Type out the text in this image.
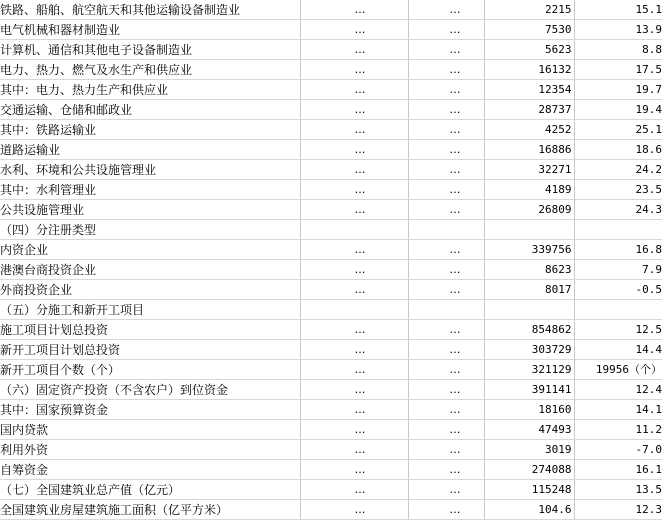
铁路、船舶、航空航天和其他运输设备制造业	…	…	2215	15.1
电气机械和器材制造业	…	…	7530	13.9
计算机、通信和其他电子设备制造业	…	…	5623	8.8
电力、热力、燃气及水生产和供应业	…	…	16132	17.5
其中：电力、热力生产和供应业	…	…	12354	19.7
交通运输、仓储和邮政业	…	…	28737	19.4
其中：铁路运输业	…	…	4252	25.1
道路运输业	…	…	16886	18.6
水利、环境和公共设施管理业	…	…	32271	24.2
其中：水利管理业	…	…	4189	23.5
公共设施管理业	…	…	26809	24.3
（四）分注册类型				
内资企业	…	…	339756	16.8
港澳台商投资企业	…	…	8623	7.9
外商投资企业	…	…	8017	-0.5
（五）分施工和新开工项目				
施工项目计划总投资	…	…	854862	12.5
新开工项目计划总投资	…	…	303729	14.4
新开工项目个数（个）	…	…	321129	19956（个）
（六）固定资产投资（不含农户）到位资金	…	…	391141	12.4
其中：国家预算资金	…	…	18160	14.1
国内贷款	…	…	47493	11.2
利用外资	…	…	3019	-7.0
自筹资金	…	…	274088	16.1
（七）全国建筑业总产值（亿元）	…	…	115248	13.5
全国建筑业房屋建筑施工面积（亿平方米）	…	…	104.6	12.3
